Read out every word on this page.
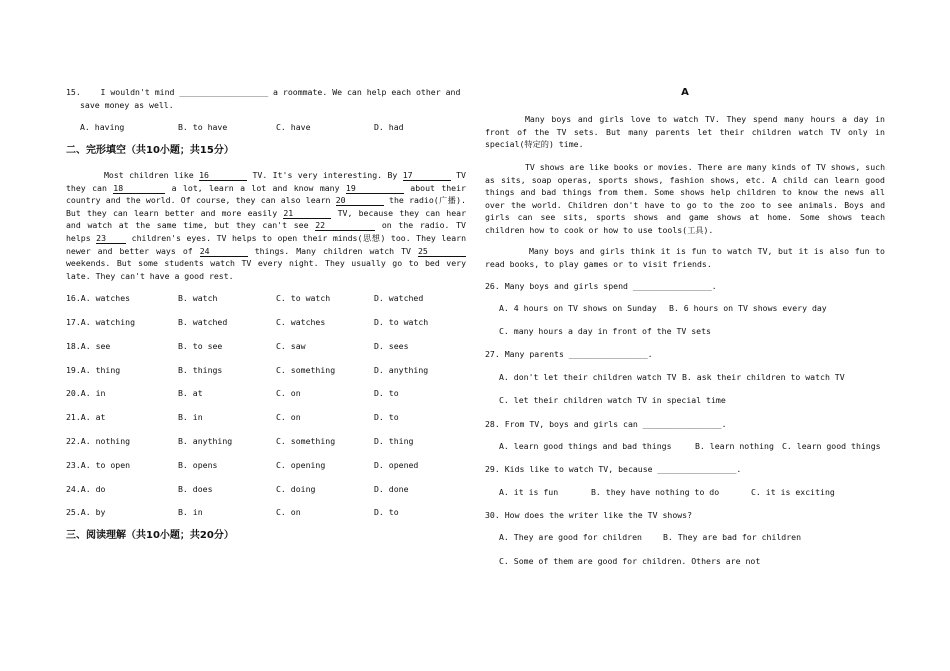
15. I wouldn't mind __________________ a roommate. We can help each other and save money as well.
A. having	B. to have	C. have	D. had
二、完形填空（共10小题；共15分）
Most children like 16	TV. It's very interesting. By 17	TV they can 18	a lot, learn a lot and know many 19	about their country and the world. Of course, they can also learn 20	the radio(广播). But they can learn better and more easily 21	TV, because they can hear and watch at the same time, but they can't see 22	on the radio. TV helps 23 children's eyes. TV helps to open their minds(思想) too. They learn newer and better ways of 24	things. Many children watch TV 25 weekends. But some students watch TV every night. They usually go to bed very late. They can't have a good rest.
16.A. watches	B. watch	C. to watch	D. watched
17.A. watching	B. watched	C. watches	D. to watch
18.A. see	B. to see	C. saw	D. sees
19.A. thing	B. things	C. something	D. anything
20.A. in	B. at	C. on	D. to
21.A. at	B. in	C. on	D. to
22.A. nothing	B. anything	C. something	D. thing
23.A. to open	B. opens	C. opening	D. opened
24.A. do	B. does	C. doing	D. done
25.A. by	B. in	C. on	D. to
三、阅读理解（共10小题；共20分）
A
Many boys and girls love to watch TV. They spend many hours a day in front of the TV sets. But many parents let their children watch TV only in special(特定的) time.
TV shows are like books or movies. There are many kinds of TV shows, such as sits, soap operas, sports shows, fashion shows, etc. A child can learn good things and bad things from them. Some shows help children to know the news all over the world. Children don't have to go to the zoo to see animals. Boys and girls can see sits, sports shows and game shows at home. Some shows teach children how to cook or how to use tools(工具).
Many boys and girls think it is fun to watch TV, but it is also fun to read books, to play games or to visit friends.
26. Many boys and girls spend ________________.
A. 4 hours on TV shows on Sunday B. 6 hours on TV shows every day
C. many hours a day in front of the TV sets
27. Many parents ________________.
A. don't let their children watch TV B. ask their children to watch TV
C. let their children watch TV in special time
28. From TV, boys and girls can ________________.
A. learn good things and bad things	B. learn nothing C. learn good things
29. Kids like to watch TV, because ________________.
A. it is fun	B. they have nothing to do	C. it is exciting
30. How does the writer like the TV shows?
A. They are good for children	B. They are bad for children
C. Some of them are good for children. Others are not
